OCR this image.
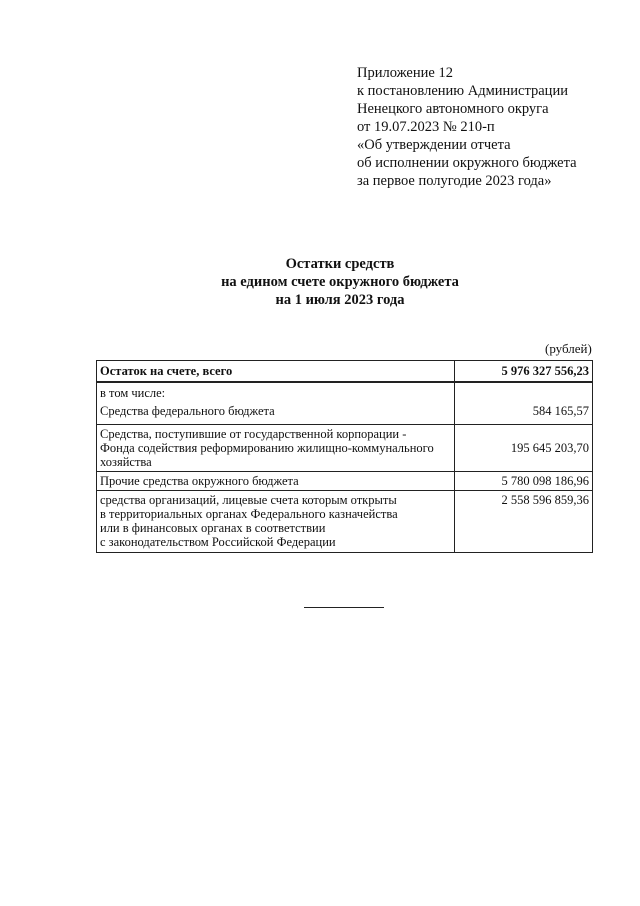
Приложение 12
к постановлению Администрации
Ненецкого автономного округа
от 19.07.2023 № 210-п
«Об утверждении отчета
об исполнении окружного бюджета
за первое полугодие 2023 года»
Остатки средств
на едином счете окружного бюджета
на 1 июля 2023 года
(рублей)
Остаток на счете, всего	5 976 327 556,23
в том числе:	
Средства федерального бюджета	584 165,57

Средства, поступившие от государственной корпорации -
Фонда содействия реформированию жилищно-коммунального
хозяйства	195 645 203,70
Прочие средства окружного бюджета	5 780 098 186,96

средства организаций, лицевые счета которым открыты
в территориальных органах Федерального казначейства
или в финансовых органах в соответствии
с законодательством Российской Федерации	2 558 596 859,36
